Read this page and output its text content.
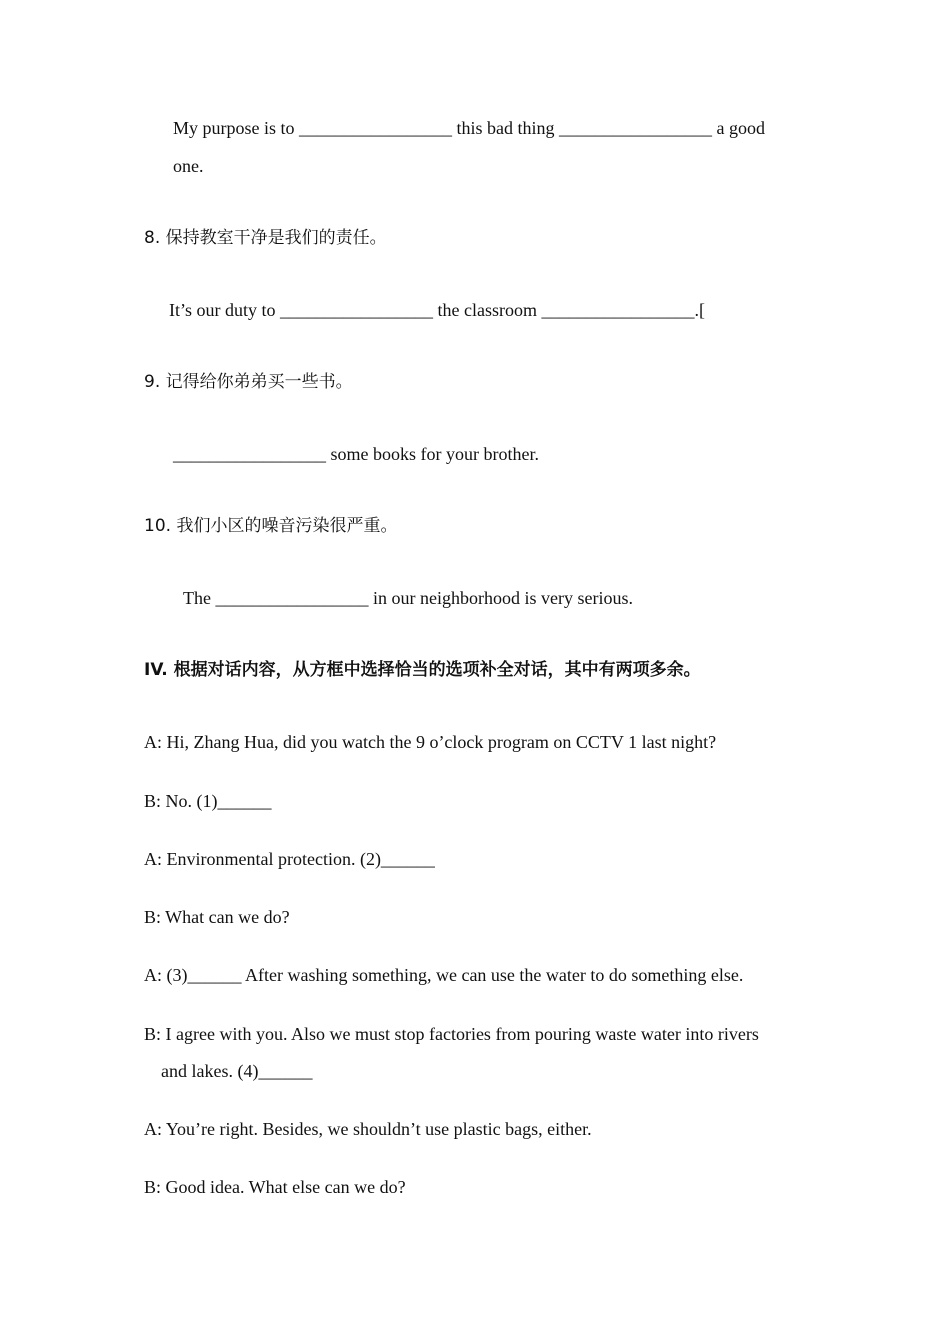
My purpose is to _________________ this bad thing _________________ a good
one.
8. 保持教室干净是我们的责任。
It’s our duty to _________________ the classroom _________________.[
9. 记得给你弟弟买一些书。
_________________ some books for your brother.
10. 我们小区的噪音污染很严重。
The _________________ in our neighborhood is very serious.
IV. 根据对话内容，从方框中选择恰当的选项补全对话，其中有两项多余。
A: Hi, Zhang Hua, did you watch the 9 o’clock program on CCTV 1 last night?
B: No. (1)______
A: Environmental protection. (2)______
B: What can we do?
A: (3)______ After washing something, we can use the water to do something else.
B: I agree with you. Also we must stop factories from pouring waste water into rivers
and lakes. (4)______
A: You’re right. Besides, we shouldn’t use plastic bags, either.
B: Good idea. What else can we do?
